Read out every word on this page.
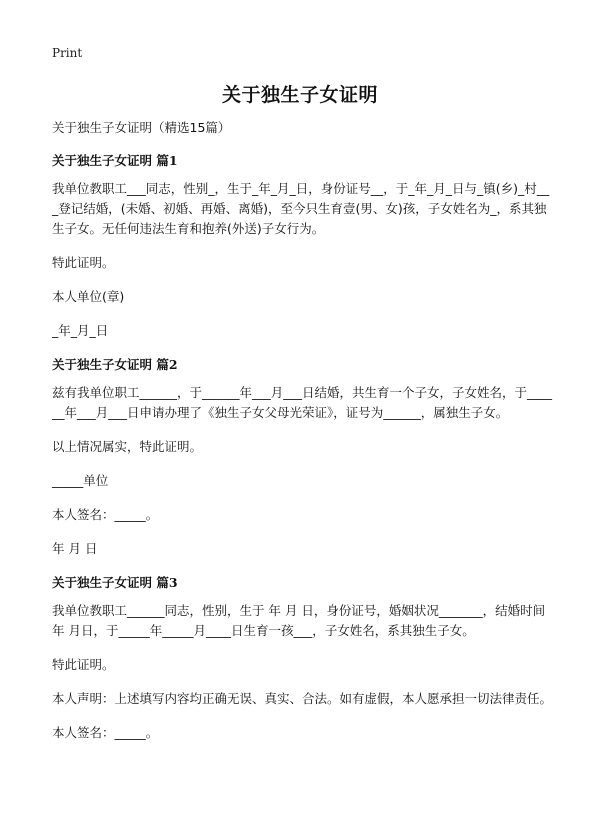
Print
关于独生子女证明

关于独生子女证明（精选15篇）

关于独生子女证明 篇1

我单位教职工___同志，性别_，生于_年_月_日，身份证号__，于_年_月_日与_镇(乡)_村___登记结婚，(未婚、初婚、再婚、离婚)，至今只生育壹(男、女)孩，子女姓名为_，系其独生子女。无任何违法生育和抱养(外送)子女行为。

特此证明。

本人单位(章)

_年_月_日

关于独生子女证明 篇2

兹有我单位职工______，于______年___月___日结婚，共生育一个子女，子女姓名，于______年___月___日申请办理了《独生子女父母光荣证》，证号为______，属独生子女。

以上情况属实，特此证明。

_____单位

本人签名：_____。

年 月 日

关于独生子女证明 篇3

我单位教职工______同志，性别，生于 年 月 日，身份证号，婚姻状况_______，结婚时间 年 月日，于_____年_____月____日生育一孩___，子女姓名，系其独生子女。

特此证明。

本人声明：上述填写内容均正确无误、真实、合法。如有虚假，本人愿承担一切法律责任。

本人签名：_____。
